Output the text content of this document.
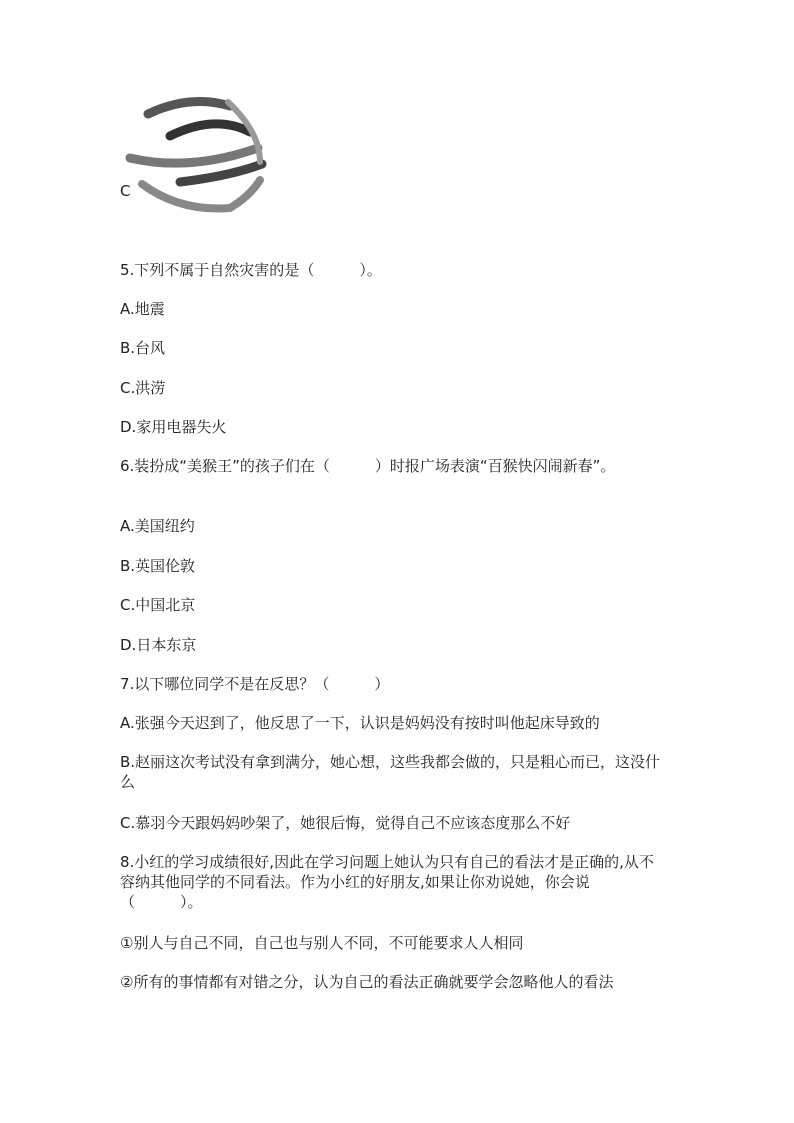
C
5.下列不属于自然灾害的是（　　　）。
A.地震
B.台风
C.洪涝
D.家用电器失火
6.装扮成“美猴王”的孩子们在（　　　）时报广场表演“百猴快闪闹新春”。
A.美国纽约
B.英国伦敦
C.中国北京
D.日本东京
7.以下哪位同学不是在反思？（　　　）
A.张强今天迟到了，他反思了一下，认识是妈妈没有按时叫他起床导致的
B.赵丽这次考试没有拿到满分，她心想，这些我都会做的，只是粗心而已，这没什么
C.慕羽今天跟妈妈吵架了，她很后悔，觉得自己不应该态度那么不好
8.小红的学习成绩很好,因此在学习问题上她认为只有自己的看法才是正确的,从不容纳其他同学的不同看法。作为小红的好朋友,如果让你劝说她，你会说（　　　）。
①别人与自己不同，自己也与别人不同，不可能要求人人相同
②所有的事情都有对错之分，认为自己的看法正确就要学会忽略他人的看法
